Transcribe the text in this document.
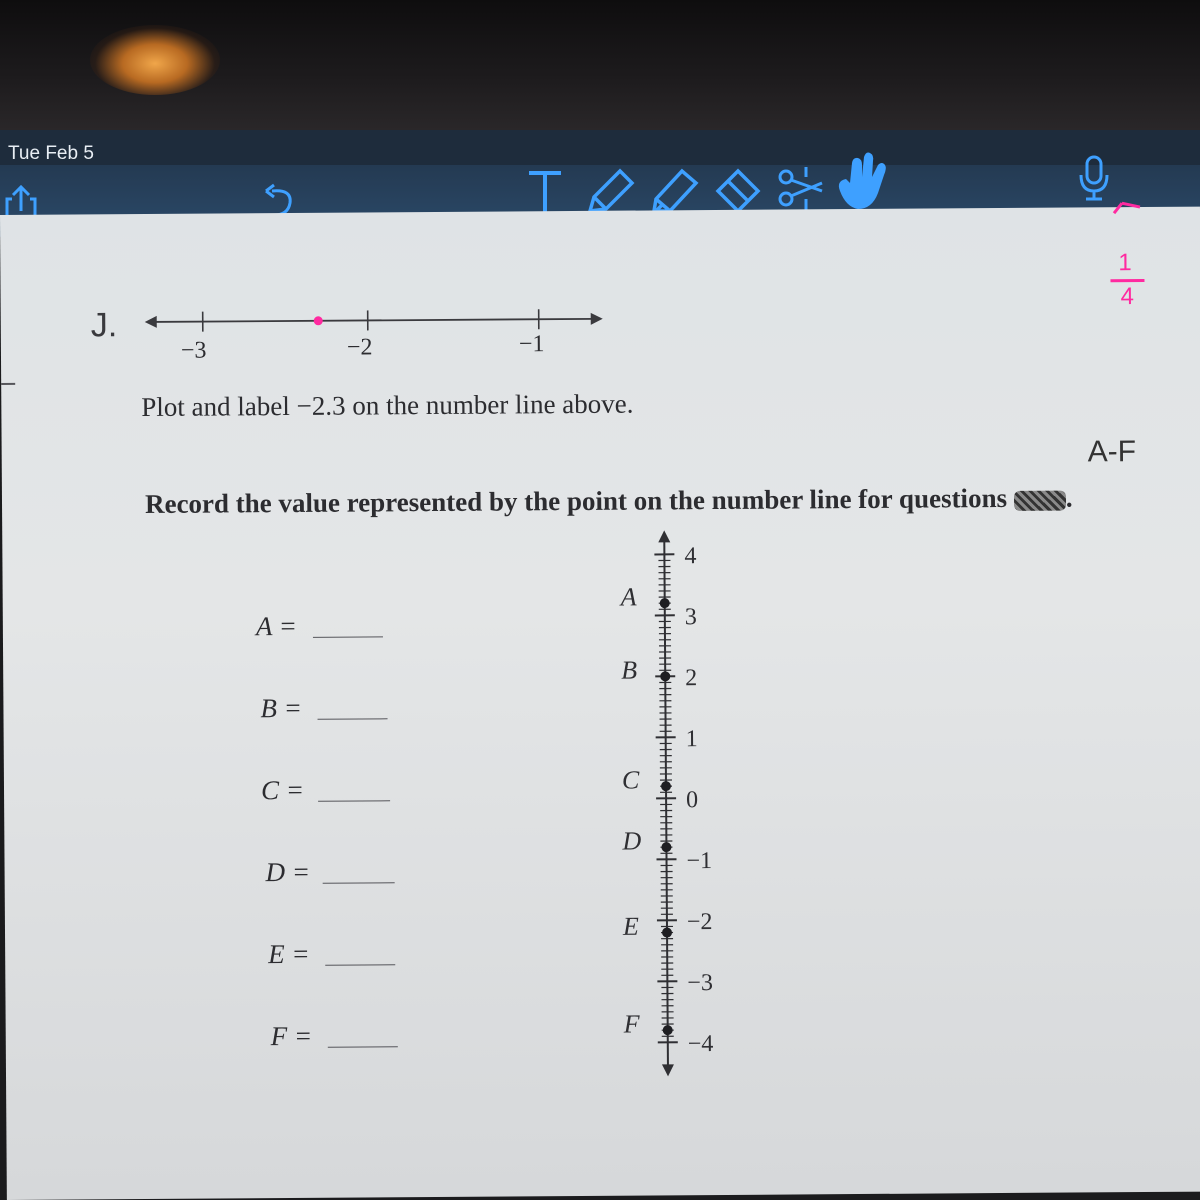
Tue Feb 5
1
4
J.
−3	−2	−1
Plot and label −2.3 on the number line above.
A-F
Record the value represented by the point on the number line for questions .
A =
B =
C =
D =
E =
F =
4
3
2
1
0
−1
−2
−3
−4
A
B
C
D
E
F
